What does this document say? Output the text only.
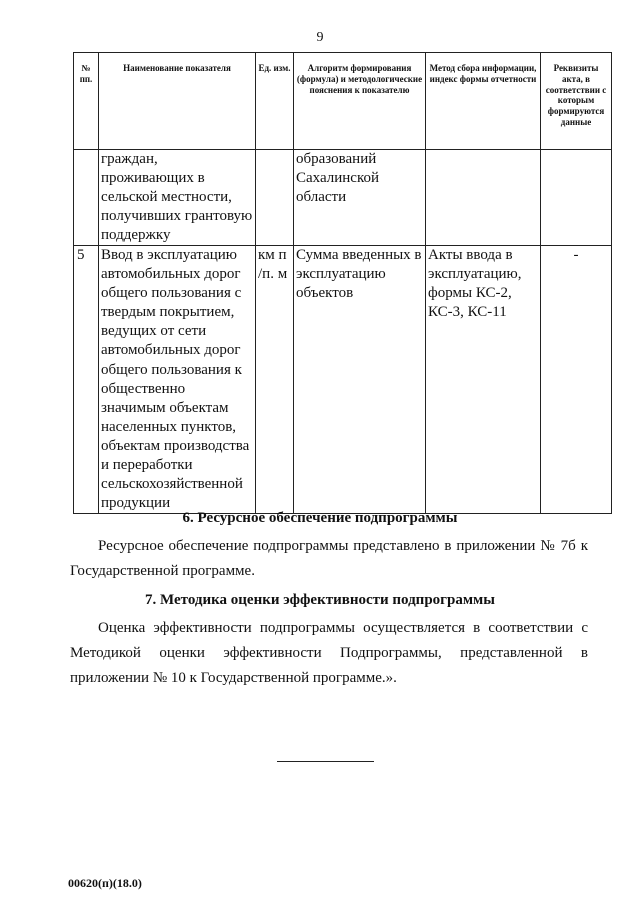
9
№ пп.	Наименование показателя	Ед. изм.	Алгоритм формирования (формула) и методологические пояснения к показателю	Метод сбора информации, индекс формы отчетности	Реквизиты акта, в соответствии с которым формируются данные
	граждан, проживающих в сельской местности, получивших грантовую поддержку		образований Сахалинской области		
5	Ввод в эксплуатацию автомобильных дорог общего пользования с твердым покрытием, ведущих от сети автомобильных дорог общего пользования к общественно значимым объектам населенных пунктов, объектам производства и переработки сельскохозяйственной продукции	км п /п. м	Сумма введенных в эксплуатацию объектов	Акты ввода в эксплуатацию, формы КС-2, КС-3, КС-11	-
6. Ресурсное обеспечение подпрограммы

Ресурсное обеспечение подпрограммы представлено в приложении № 7б к Государственной программе.

7. Методика оценки эффективности подпрограммы

Оценка эффективности подпрограммы осуществляется в соответствии с Методикой оценки эффективности Подпрограммы, представленной в приложении № 10 к Государственной программе.».

00620(п)(18.0)
